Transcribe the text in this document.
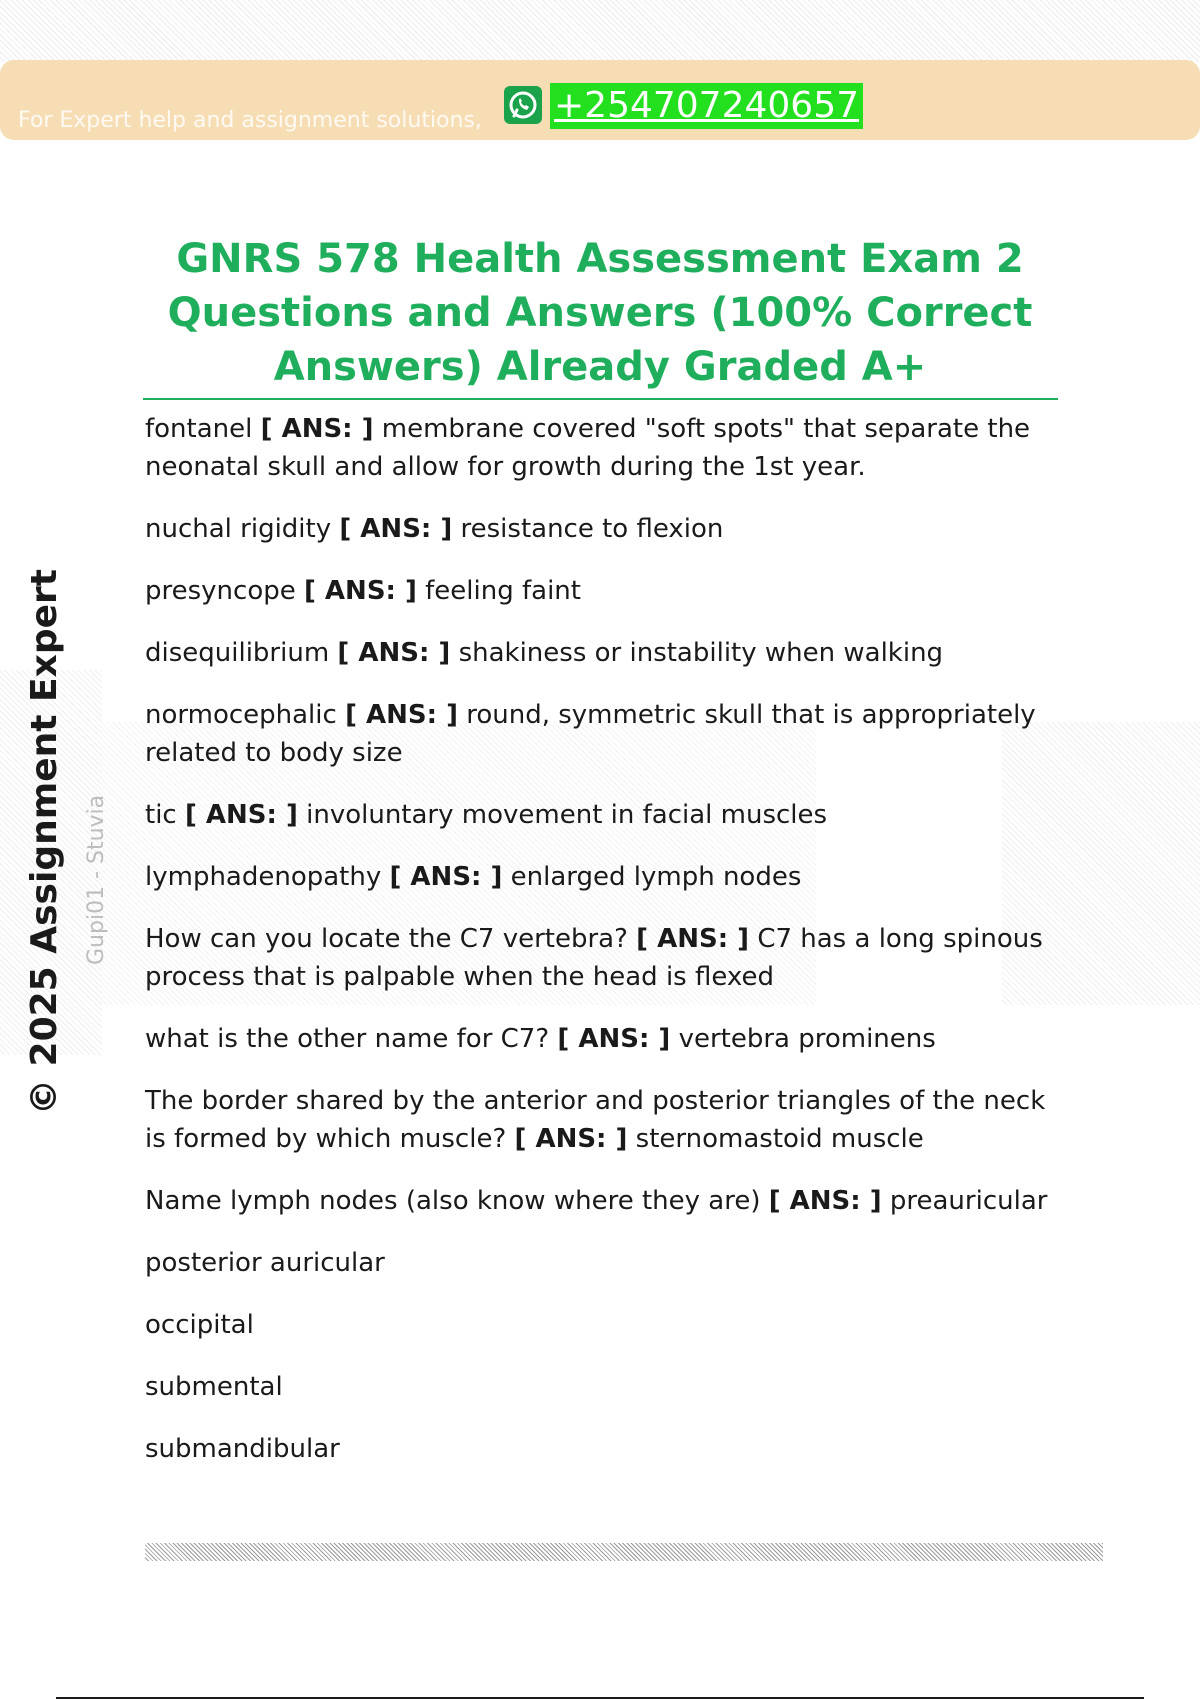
For Expert help and assignment solutions, +254707240657
© 2025 Assignment Expert Gupi01 - Stuvia
GNRS 578 Health Assessment Exam 2 Questions and Answers (100% Correct Answers) Already Graded A+

fontanel [ ANS: ] membrane covered "soft spots" that separate the neonatal skull and allow for growth during the 1st year.

nuchal rigidity [ ANS: ] resistance to flexion

presyncope [ ANS: ] feeling faint

disequilibrium [ ANS: ] shakiness or instability when walking

normocephalic [ ANS: ] round, symmetric skull that is appropriately related to body size

tic [ ANS: ] involuntary movement in facial muscles

lymphadenopathy [ ANS: ] enlarged lymph nodes

How can you locate the C7 vertebra? [ ANS: ] C7 has a long spinous process that is palpable when the head is flexed

what is the other name for C7? [ ANS: ] vertebra prominens

The border shared by the anterior and posterior triangles of the neck is formed by which muscle? [ ANS: ] sternomastoid muscle

Name lymph nodes (also know where they are) [ ANS: ] preauricular

posterior auricular

occipital

submental

submandibular
